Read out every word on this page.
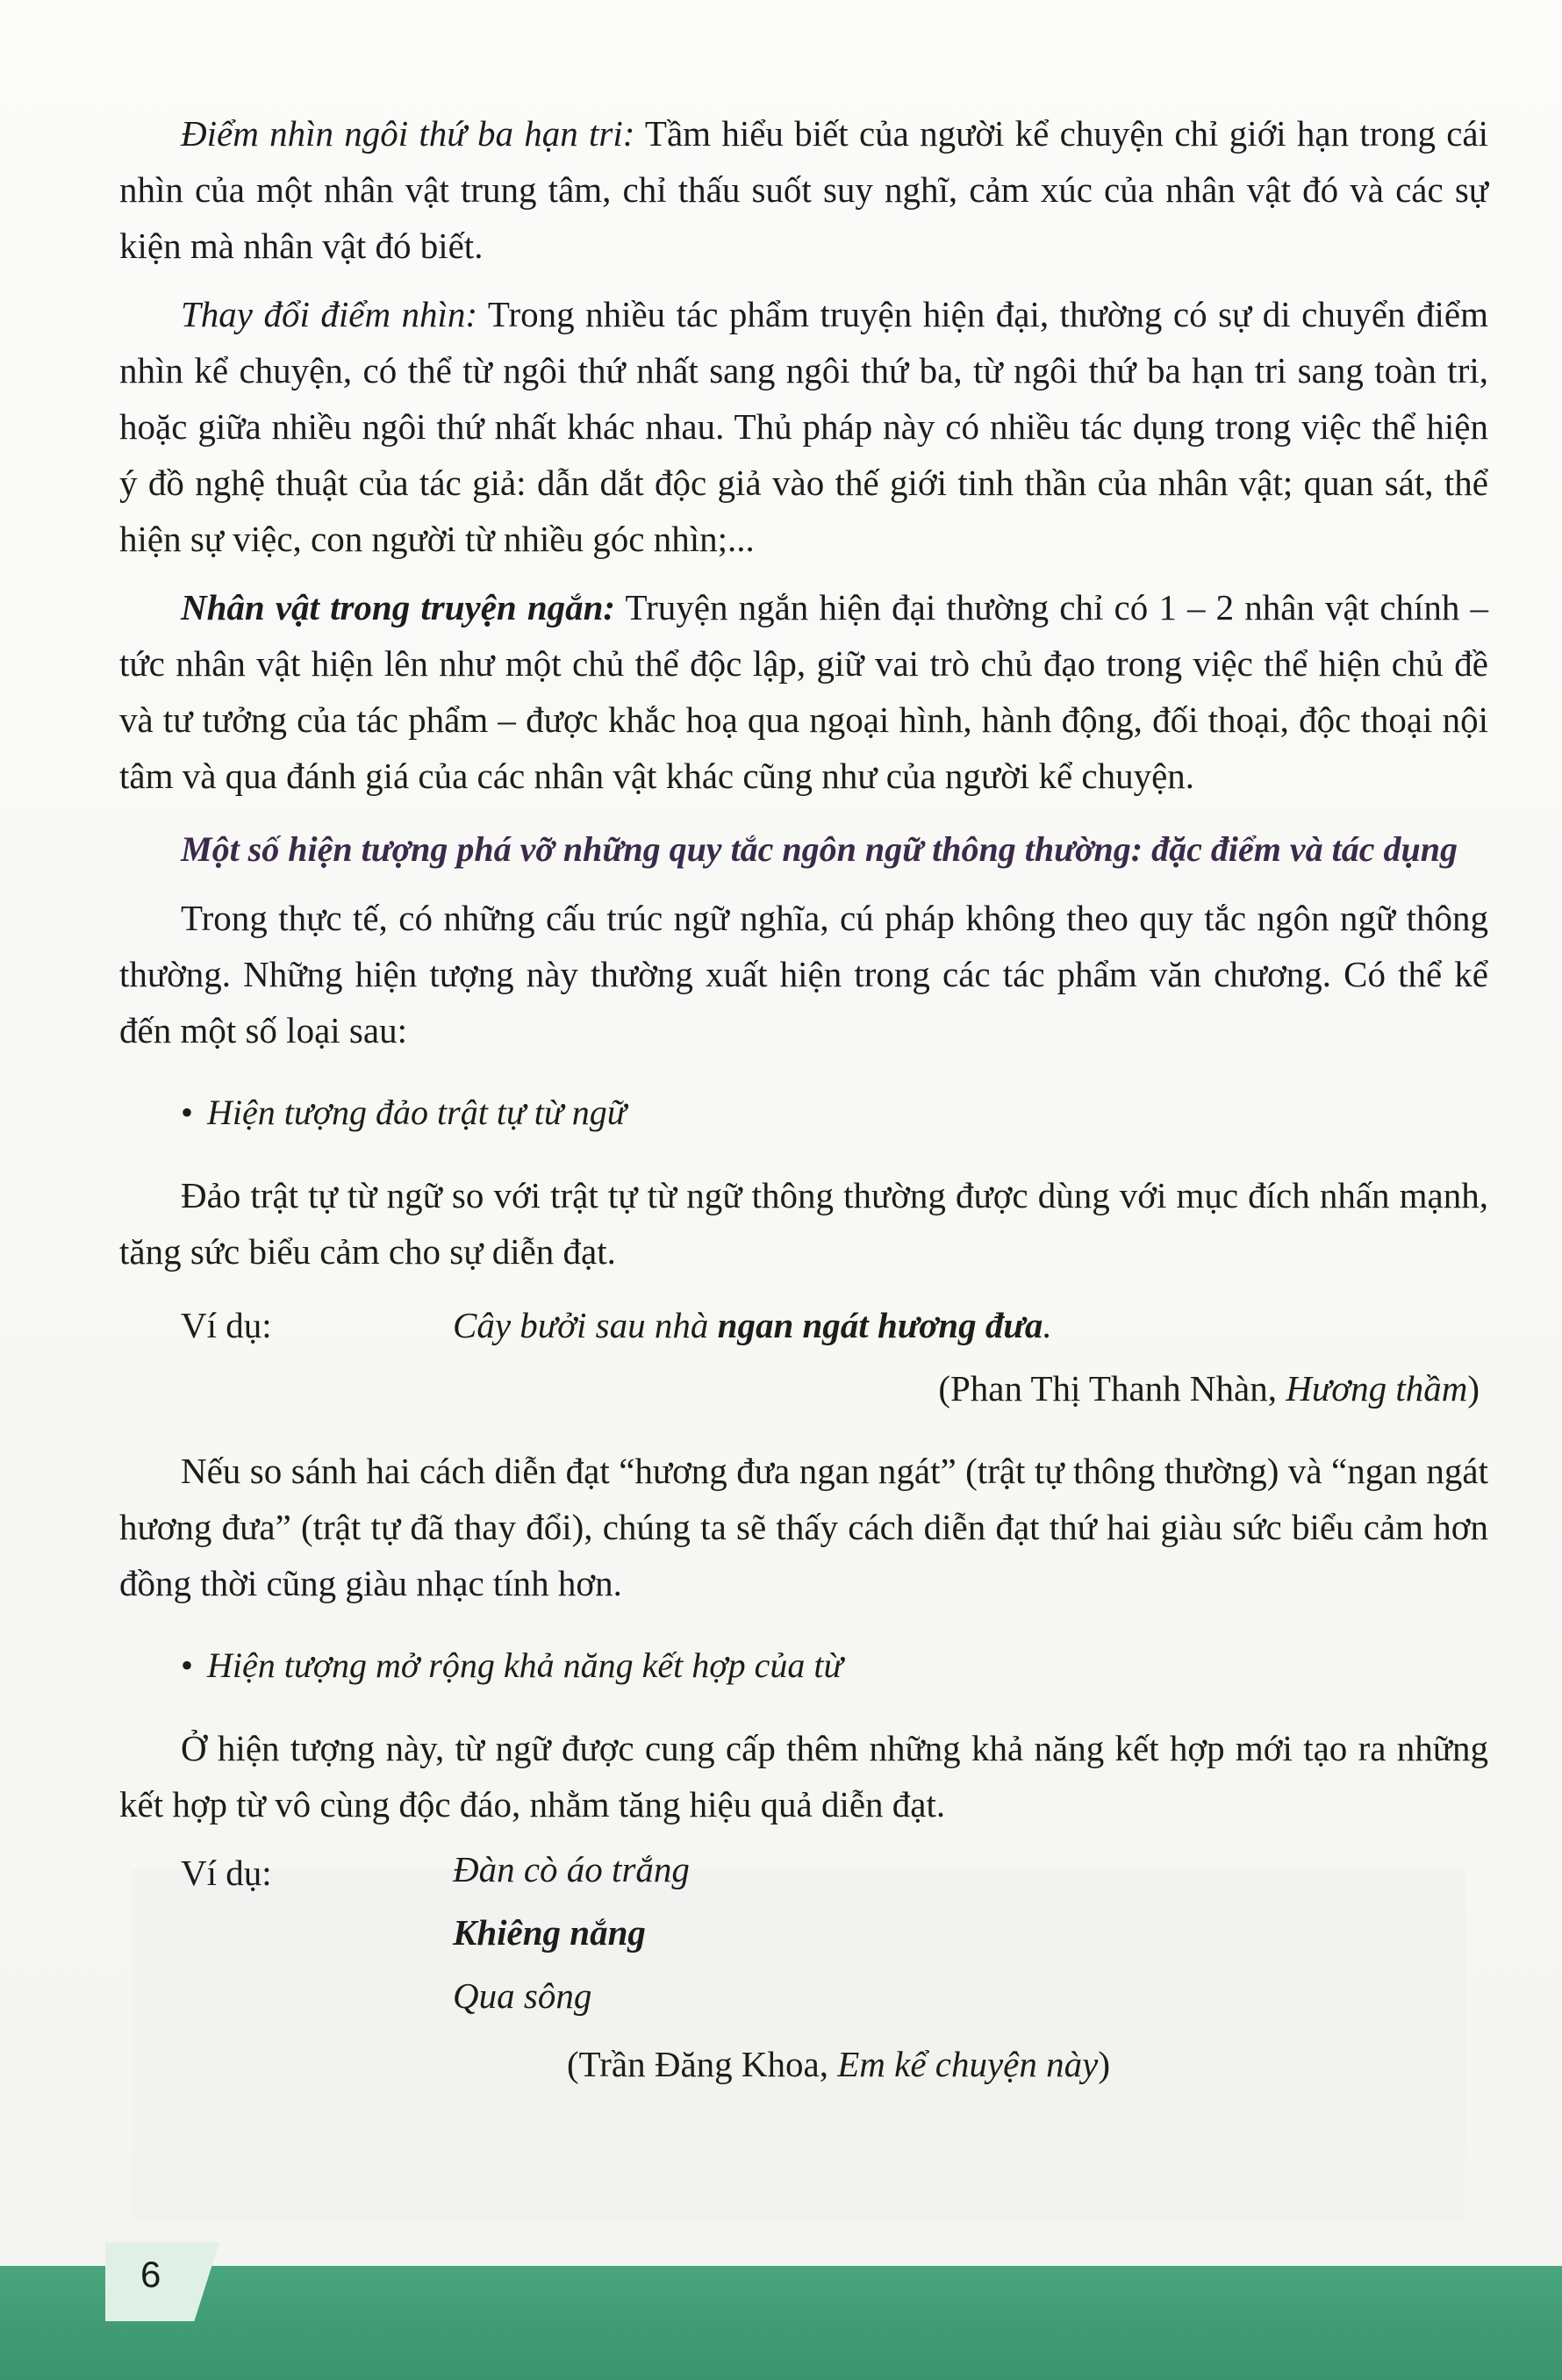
Điểm nhìn ngôi thứ ba hạn tri: Tầm hiểu biết của người kể chuyện chỉ giới hạn trong cái nhìn của một nhân vật trung tâm, chỉ thấu suốt suy nghĩ, cảm xúc của nhân vật đó và các sự kiện mà nhân vật đó biết.

Thay đổi điểm nhìn: Trong nhiều tác phẩm truyện hiện đại, thường có sự di chuyển điểm nhìn kể chuyện, có thể từ ngôi thứ nhất sang ngôi thứ ba, từ ngôi thứ ba hạn tri sang toàn tri, hoặc giữa nhiều ngôi thứ nhất khác nhau. Thủ pháp này có nhiều tác dụng trong việc thể hiện ý đồ nghệ thuật của tác giả: dẫn dắt độc giả vào thế giới tinh thần của nhân vật; quan sát, thể hiện sự việc, con người từ nhiều góc nhìn;...

Nhân vật trong truyện ngắn: Truyện ngắn hiện đại thường chỉ có 1 – 2 nhân vật chính – tức nhân vật hiện lên như một chủ thể độc lập, giữ vai trò chủ đạo trong việc thể hiện chủ đề và tư tưởng của tác phẩm – được khắc hoạ qua ngoại hình, hành động, đối thoại, độc thoại nội tâm và qua đánh giá của các nhân vật khác cũng như của người kể chuyện.

Một số hiện tượng phá vỡ những quy tắc ngôn ngữ thông thường: đặc điểm và tác dụng

Trong thực tế, có những cấu trúc ngữ nghĩa, cú pháp không theo quy tắc ngôn ngữ thông thường. Những hiện tượng này thường xuất hiện trong các tác phẩm văn chương. Có thể kể đến một số loại sau:

• Hiện tượng đảo trật tự từ ngữ

Đảo trật tự từ ngữ so với trật tự từ ngữ thông thường được dùng với mục đích nhấn mạnh, tăng sức biểu cảm cho sự diễn đạt.

Ví dụ:	Cây bưởi sau nhà ngan ngát hương đưa.
(Phan Thị Thanh Nhàn, Hương thầm)

Nếu so sánh hai cách diễn đạt “hương đưa ngan ngát” (trật tự thông thường) và “ngan ngát hương đưa” (trật tự đã thay đổi), chúng ta sẽ thấy cách diễn đạt thứ hai giàu sức biểu cảm hơn đồng thời cũng giàu nhạc tính hơn.

• Hiện tượng mở rộng khả năng kết hợp của từ

Ở hiện tượng này, từ ngữ được cung cấp thêm những khả năng kết hợp mới tạo ra những kết hợp từ vô cùng độc đáo, nhằm tăng hiệu quả diễn đạt.

Ví dụ:	Đàn cò áo trắng
Khiêng nắng
Qua sông
(Trần Đăng Khoa, Em kể chuyện này)
6
